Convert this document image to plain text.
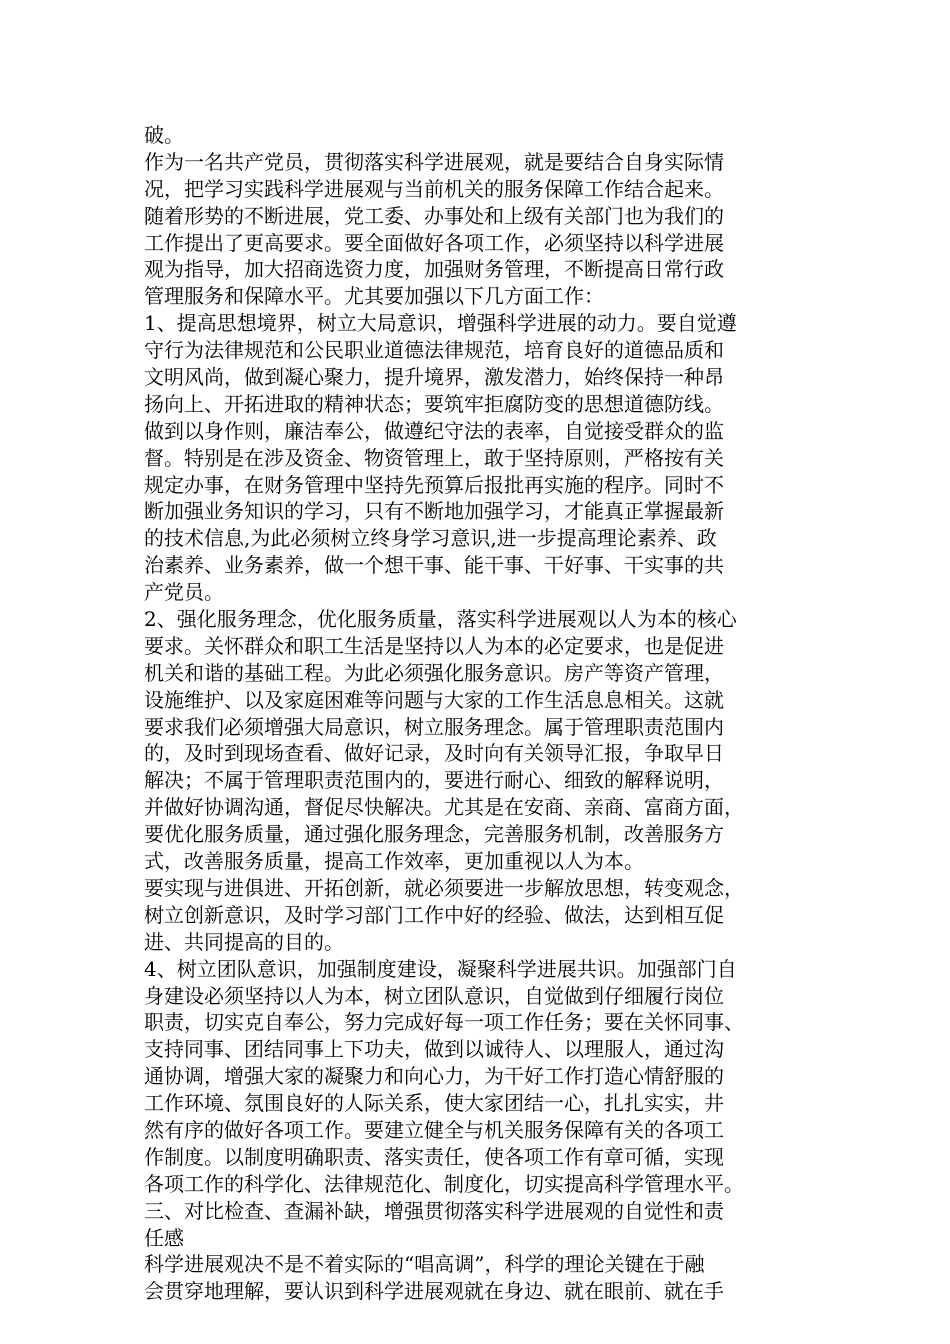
破。
作为一名共产党员，贯彻落实科学进展观，就是要结合自身实际情
况，把学习实践科学进展观与当前机关的服务保障工作结合起来。
随着形势的不断进展，党工委、办事处和上级有关部门也为我们的
工作提出了更高要求。要全面做好各项工作，必须坚持以科学进展
观为指导，加大招商选资力度，加强财务管理，不断提高日常行政
管理服务和保障水平。尤其要加强以下几方面工作：
1、提高思想境界，树立大局意识，增强科学进展的动力。要自觉遵
守行为法律规范和公民职业道德法律规范，培育良好的道德品质和
文明风尚，做到凝心聚力，提升境界，激发潜力，始终保持一种昂
扬向上、开拓进取的精神状态；要筑牢拒腐防变的思想道德防线。
做到以身作则，廉洁奉公，做遵纪守法的表率，自觉接受群众的监
督。特别是在涉及资金、物资管理上，敢于坚持原则，严格按有关
规定办事，在财务管理中坚持先预算后报批再实施的程序。同时不
断加强业务知识的学习，只有不断地加强学习，才能真正掌握最新
的技术信息,为此必须树立终身学习意识,进一步提高理论素养、政
治素养、业务素养，做一个想干事、能干事、干好事、干实事的共
产党员。
2、强化服务理念，优化服务质量，落实科学进展观以人为本的核心
要求。关怀群众和职工生活是坚持以人为本的必定要求，也是促进
机关和谐的基础工程。为此必须强化服务意识。房产等资产管理，
设施维护、以及家庭困难等问题与大家的工作生活息息相关。这就
要求我们必须增强大局意识，树立服务理念。属于管理职责范围内
的，及时到现场查看、做好记录，及时向有关领导汇报，争取早日
解决；不属于管理职责范围内的，要进行耐心、细致的解释说明，
并做好协调沟通，督促尽快解决。尤其是在安商、亲商、富商方面，
要优化服务质量，通过强化服务理念，完善服务机制，改善服务方
式，改善服务质量，提高工作效率，更加重视以人为本。
要实现与进俱进、开拓创新，就必须要进一步解放思想，转变观念，
树立创新意识，及时学习部门工作中好的经验、做法，达到相互促
进、共同提高的目的。
4、树立团队意识，加强制度建设，凝聚科学进展共识。加强部门自
身建设必须坚持以人为本，树立团队意识，自觉做到仔细履行岗位
职责，切实克自奉公，努力完成好每一项工作任务；要在关怀同事、
支持同事、团结同事上下功夫，做到以诚待人、以理服人，通过沟
通协调，增强大家的凝聚力和向心力，为干好工作打造心情舒服的
工作环境、氛围良好的人际关系，使大家团结一心，扎扎实实，井
然有序的做好各项工作。要建立健全与机关服务保障有关的各项工
作制度。以制度明确职责、落实责任，使各项工作有章可循，实现
各项工作的科学化、法律规范化、制度化，切实提高科学管理水平。
三、对比检查、查漏补缺，增强贯彻落实科学进展观的自觉性和责
任感
科学进展观决不是不着实际的“唱高调”，科学的理论关键在于融
会贯穿地理解，要认识到科学进展观就在身边、就在眼前、就在手
